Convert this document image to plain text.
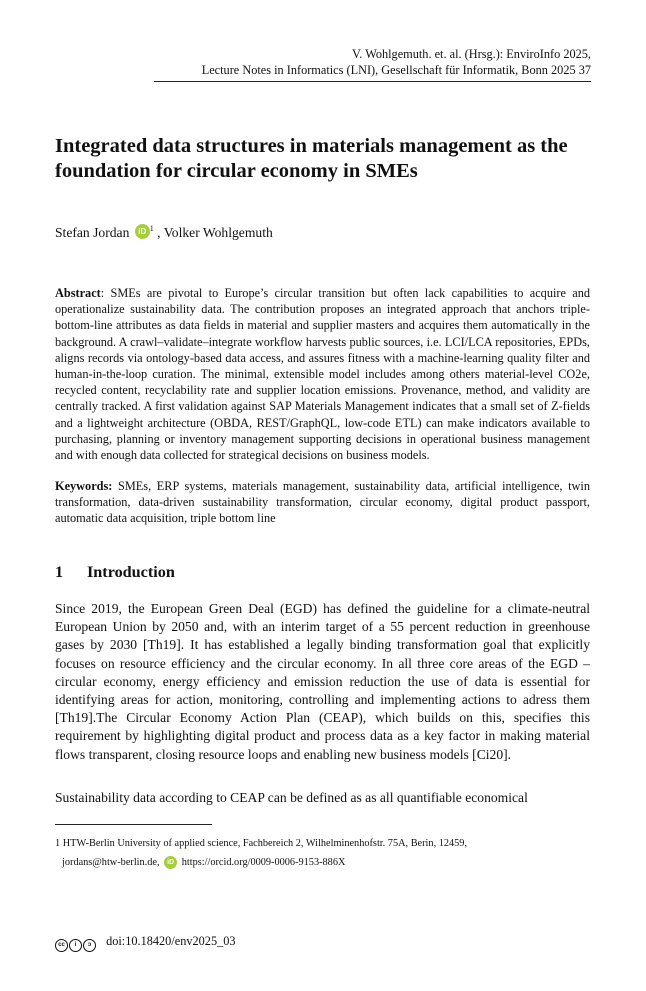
V. Wohlgemuth. et. al. (Hrsg.): EnviroInfo 2025,
Lecture Notes in Informatics (LNI), Gesellschaft für Informatik, Bonn 2025 37
Integrated data structures in materials management as the foundation for circular economy in SMEs
Stefan Jordan iD $^1$ , Volker Wohlgemuth

Abstract: SMEs are pivotal to Europe’s circular transition but often lack capabilities to acquire and operationalize sustainability data. The contribution proposes an integrated approach that anchors triple-bottom-line attributes as data fields in material and supplier masters and acquires them automatically in the background. A crawl–validate–integrate workflow harvests public sources, i.e. LCI/LCA repositories, EPDs, aligns records via ontology-based data access, and assures fitness with a machine-learning quality filter and human-in-the-loop curation. The minimal, extensible model includes among others material-level CO2e, recycled content, recyclability rate and supplier location emissions. Provenance, method, and validity are centrally tracked. A first validation against SAP Materials Management indicates that a small set of Z-fields and a lightweight architecture (OBDA, REST/GraphQL, low-code ETL) can make indicators available to purchasing, planning or inventory management supporting decisions in operational business management and with enough data collected for strategical decisions on business models.

Keywords: SMEs, ERP systems, materials management, sustainability data, artificial intelligence, twin transformation, data-driven sustainability transformation, circular economy, digital product passport, automatic data acquisition, triple bottom line

1 Introduction

Since 2019, the European Green Deal (EGD) has defined the guideline for a climate-neutral European Union by 2050 and, with an interim target of a 55 percent reduction in greenhouse gases by 2030 [Th19]. It has established a legally binding transformation goal that explicitly focuses on resource efficiency and the circular economy. In all three core areas of the EGD – circular economy, energy efficiency and emission reduction the use of data is essential for identifying areas for action, monitoring, controlling and implementing actions to adress them [Th19].The Circular Economy Action Plan (CEAP), which builds on this, specifies this requirement by highlighting digital product and process data as a key factor in making material flows transparent, closing resource loops and enabling new business models [Ci20].

Sustainability data according to CEAP can be defined as as all quantifiable economical

1 HTW-Berlin University of applied science, Fachbereich 2, Wilhelminenhofstr. 75A, Berin, 12459,
jordans@htw-berlin.de, iD https://orcid.org/0009-0006-9153-886X
cc i ↄ doi:10.18420/env2025_03
